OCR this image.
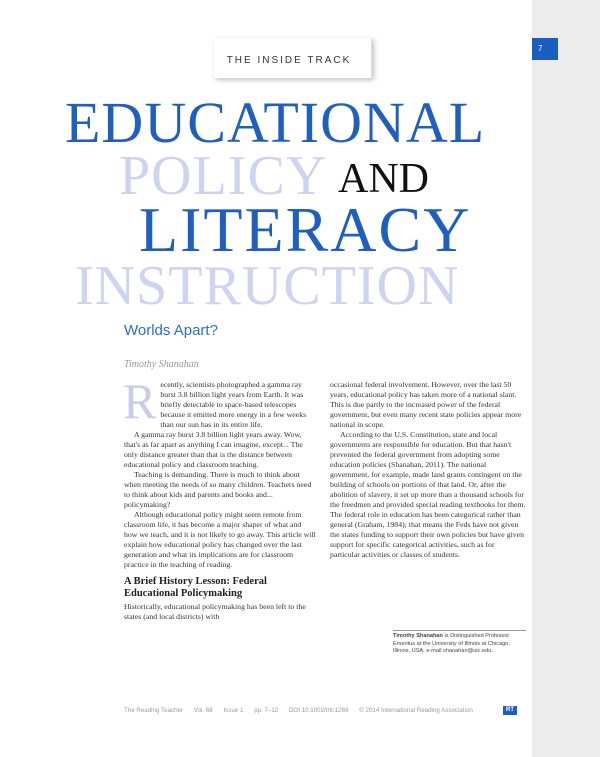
7
THE INSIDE TRACK
EDUCATIONAL
POLICY AND
LITERACY
INSTRUCTION
Worlds Apart?
Timothy Shanahan

Recently, scientists photographed a gamma ray burst 3.8 billion light years from Earth. It was briefly detectable to space-based telescopes because it emitted more energy in a few weeks than our sun has in its entire life.

A gamma ray burst 3.8 billion light years away. Wow, that's as far apart as anything I can imagine, except... The only distance greater than that is the distance between educational policy and classroom teaching.

Teaching is demanding. There is much to think about when meeting the needs of so many children. Teachers need to think about kids and parents and books and... policymaking?

Although educational policy might seem remote from classroom life, it has become a major shaper of what and how we teach, and it is not likely to go away. This article will explain how educational policy has changed over the last generation and what its implications are for classroom practice in the teaching of reading.

A Brief History Lesson: Federal Educational Policymaking

Historically, educational policymaking has been left to the states (and local districts) with

occasional federal involvement. However, over the last 50 years, educational policy has taken more of a national slant. This is due partly to the increased power of the federal government, but even many recent state policies appear more national in scope.

According to the U.S. Constitution, state and local governments are responsible for education. But that hasn't prevented the federal government from adopting some education policies (Shanahan, 2011). The national government, for example, made land grants contingent on the building of schools on portions of that land. Or, after the abolition of slavery, it set up more than a thousand schools for the freedmen and provided special reading textbooks for them. The federal role in education has been categorical rather than general (Graham, 1984); that means the Feds have not given the states funding to support their own policies but have given support for specific categorical activities, such as for particular activities or classes of students.

Timothy Shanahan is Distinguished Professor Emeritus at the University of Illinois at Chicago, Illinois, USA; e-mail shanahan@uic.edu.
The Reading Teacher Vol. 68 Issue 1 pp. 7–12 DOI:10.1002/trtr.1269 © 2014 International Reading Association	RT
